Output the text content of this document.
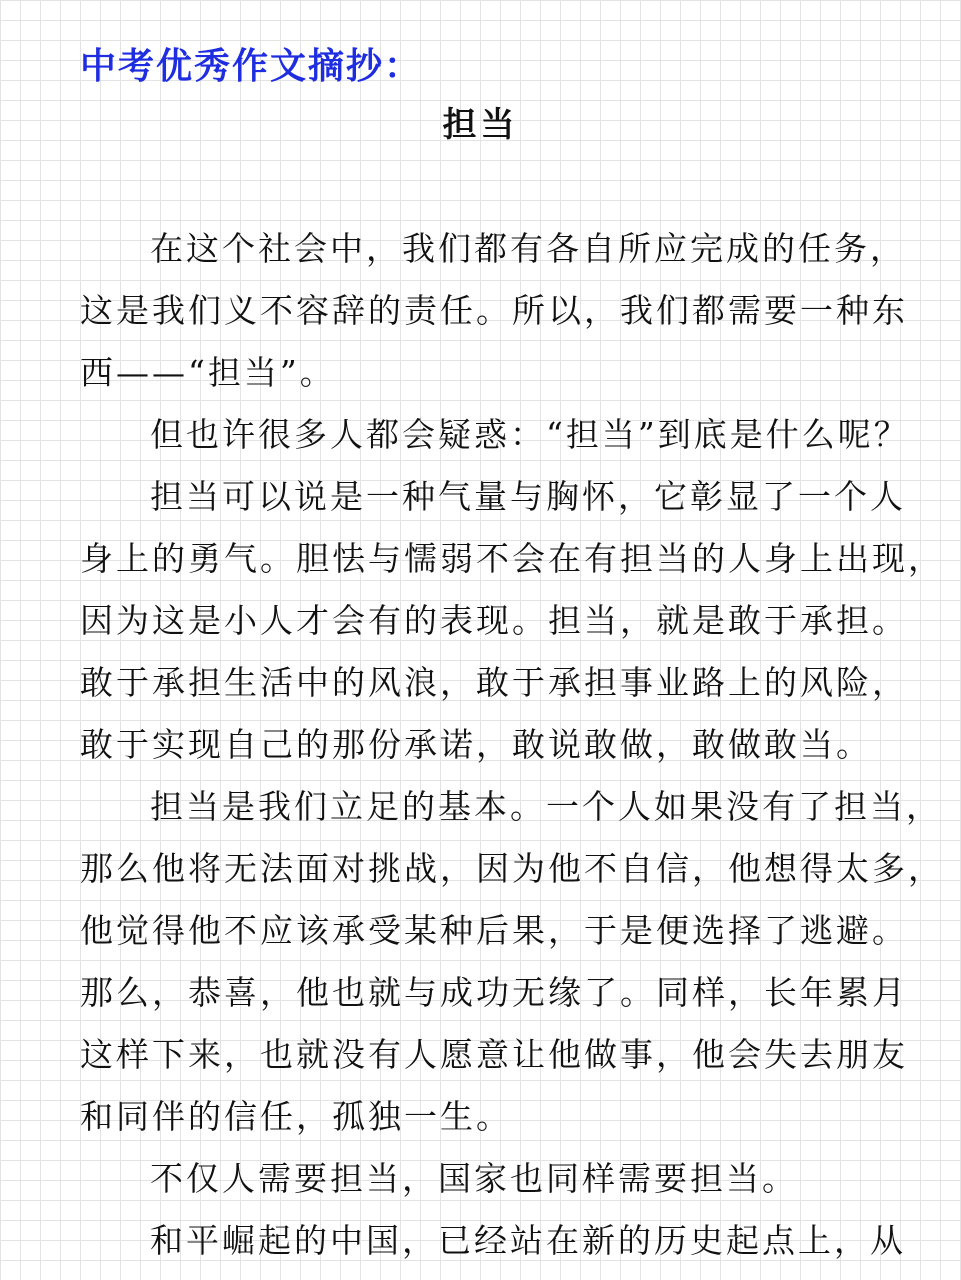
中考优秀作文摘抄：
担当
在这个社会中，我们都有各自所应完成的任务，
这是我们义不容辞的责任。所以，我们都需要一种东
西——“担当”。
但也许很多人都会疑惑：“担当”到底是什么呢？
担当可以说是一种气量与胸怀，它彰显了一个人
身上的勇气。胆怯与懦弱不会在有担当的人身上出现，
因为这是小人才会有的表现。担当，就是敢于承担。
敢于承担生活中的风浪，敢于承担事业路上的风险，
敢于实现自己的那份承诺，敢说敢做，敢做敢当。
担当是我们立足的基本。一个人如果没有了担当，
那么他将无法面对挑战，因为他不自信，他想得太多，
他觉得他不应该承受某种后果，于是便选择了逃避。
那么，恭喜，他也就与成功无缘了。同样，长年累月
这样下来，也就没有人愿意让他做事，他会失去朋友
和同伴的信任，孤独一生。
不仅人需要担当，国家也同样需要担当。
和平崛起的中国，已经站在新的历史起点上，从
